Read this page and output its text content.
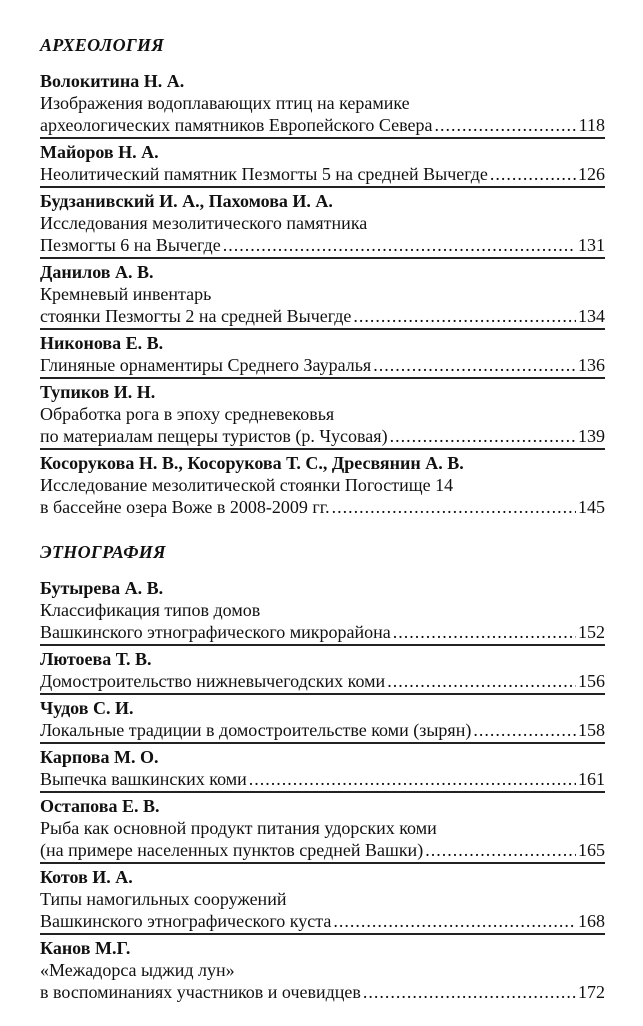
АРХЕОЛОГИЯ
Волокитина Н. А.
Изображения водоплавающих птиц на керамике
археологических памятников Европейского Севера .....	118
Майоров Н. А.
Неолитический памятник Пезмогты 5 на средней Вычегде .....	126
Будзанивский И. А., Пахомова И. А.
Исследования мезолитического памятника
Пезмогты 6 на Вычегде .....	131
Данилов А. В.
Кремневый инвентарь
стоянки Пезмогты 2 на средней Вычегде .....	134
Никонова Е. В.
Глиняные орнаментиры Среднего Зауралья .....	136
Тупиков И. Н.
Обработка рога в эпоху средневековья
по материалам пещеры туристов (р. Чусовая) .....	139
Косорукова Н. В., Косорукова Т. С., Дресвянин А. В.
Исследование мезолитической стоянки Погостище 14
в бассейне озера Воже в 2008-2009 гг. .....	145
ЭТНОГРАФИЯ
Бутырева А. В.
Классификация типов домов
Вашкинского этнографического микрорайона .....	152
Лютоева Т. В.
Домостроительство нижневычегодских коми .....	156
Чудов С. И.
Локальные традиции в домостроительстве коми (зырян) .....	158
Карпова М. О.
Выпечка вашкинских коми .....	161
Остапова Е. В.
Рыба как основной продукт питания удорских коми
(на примере населенных пунктов средней Вашки) .....	165
Котов И. А.
Типы намогильных сооружений
Вашкинского этнографического куста .....	168
Канов М.Г.
«Межадорса ыджид лун»
в воспоминаниях участников и очевидцев .....	172
